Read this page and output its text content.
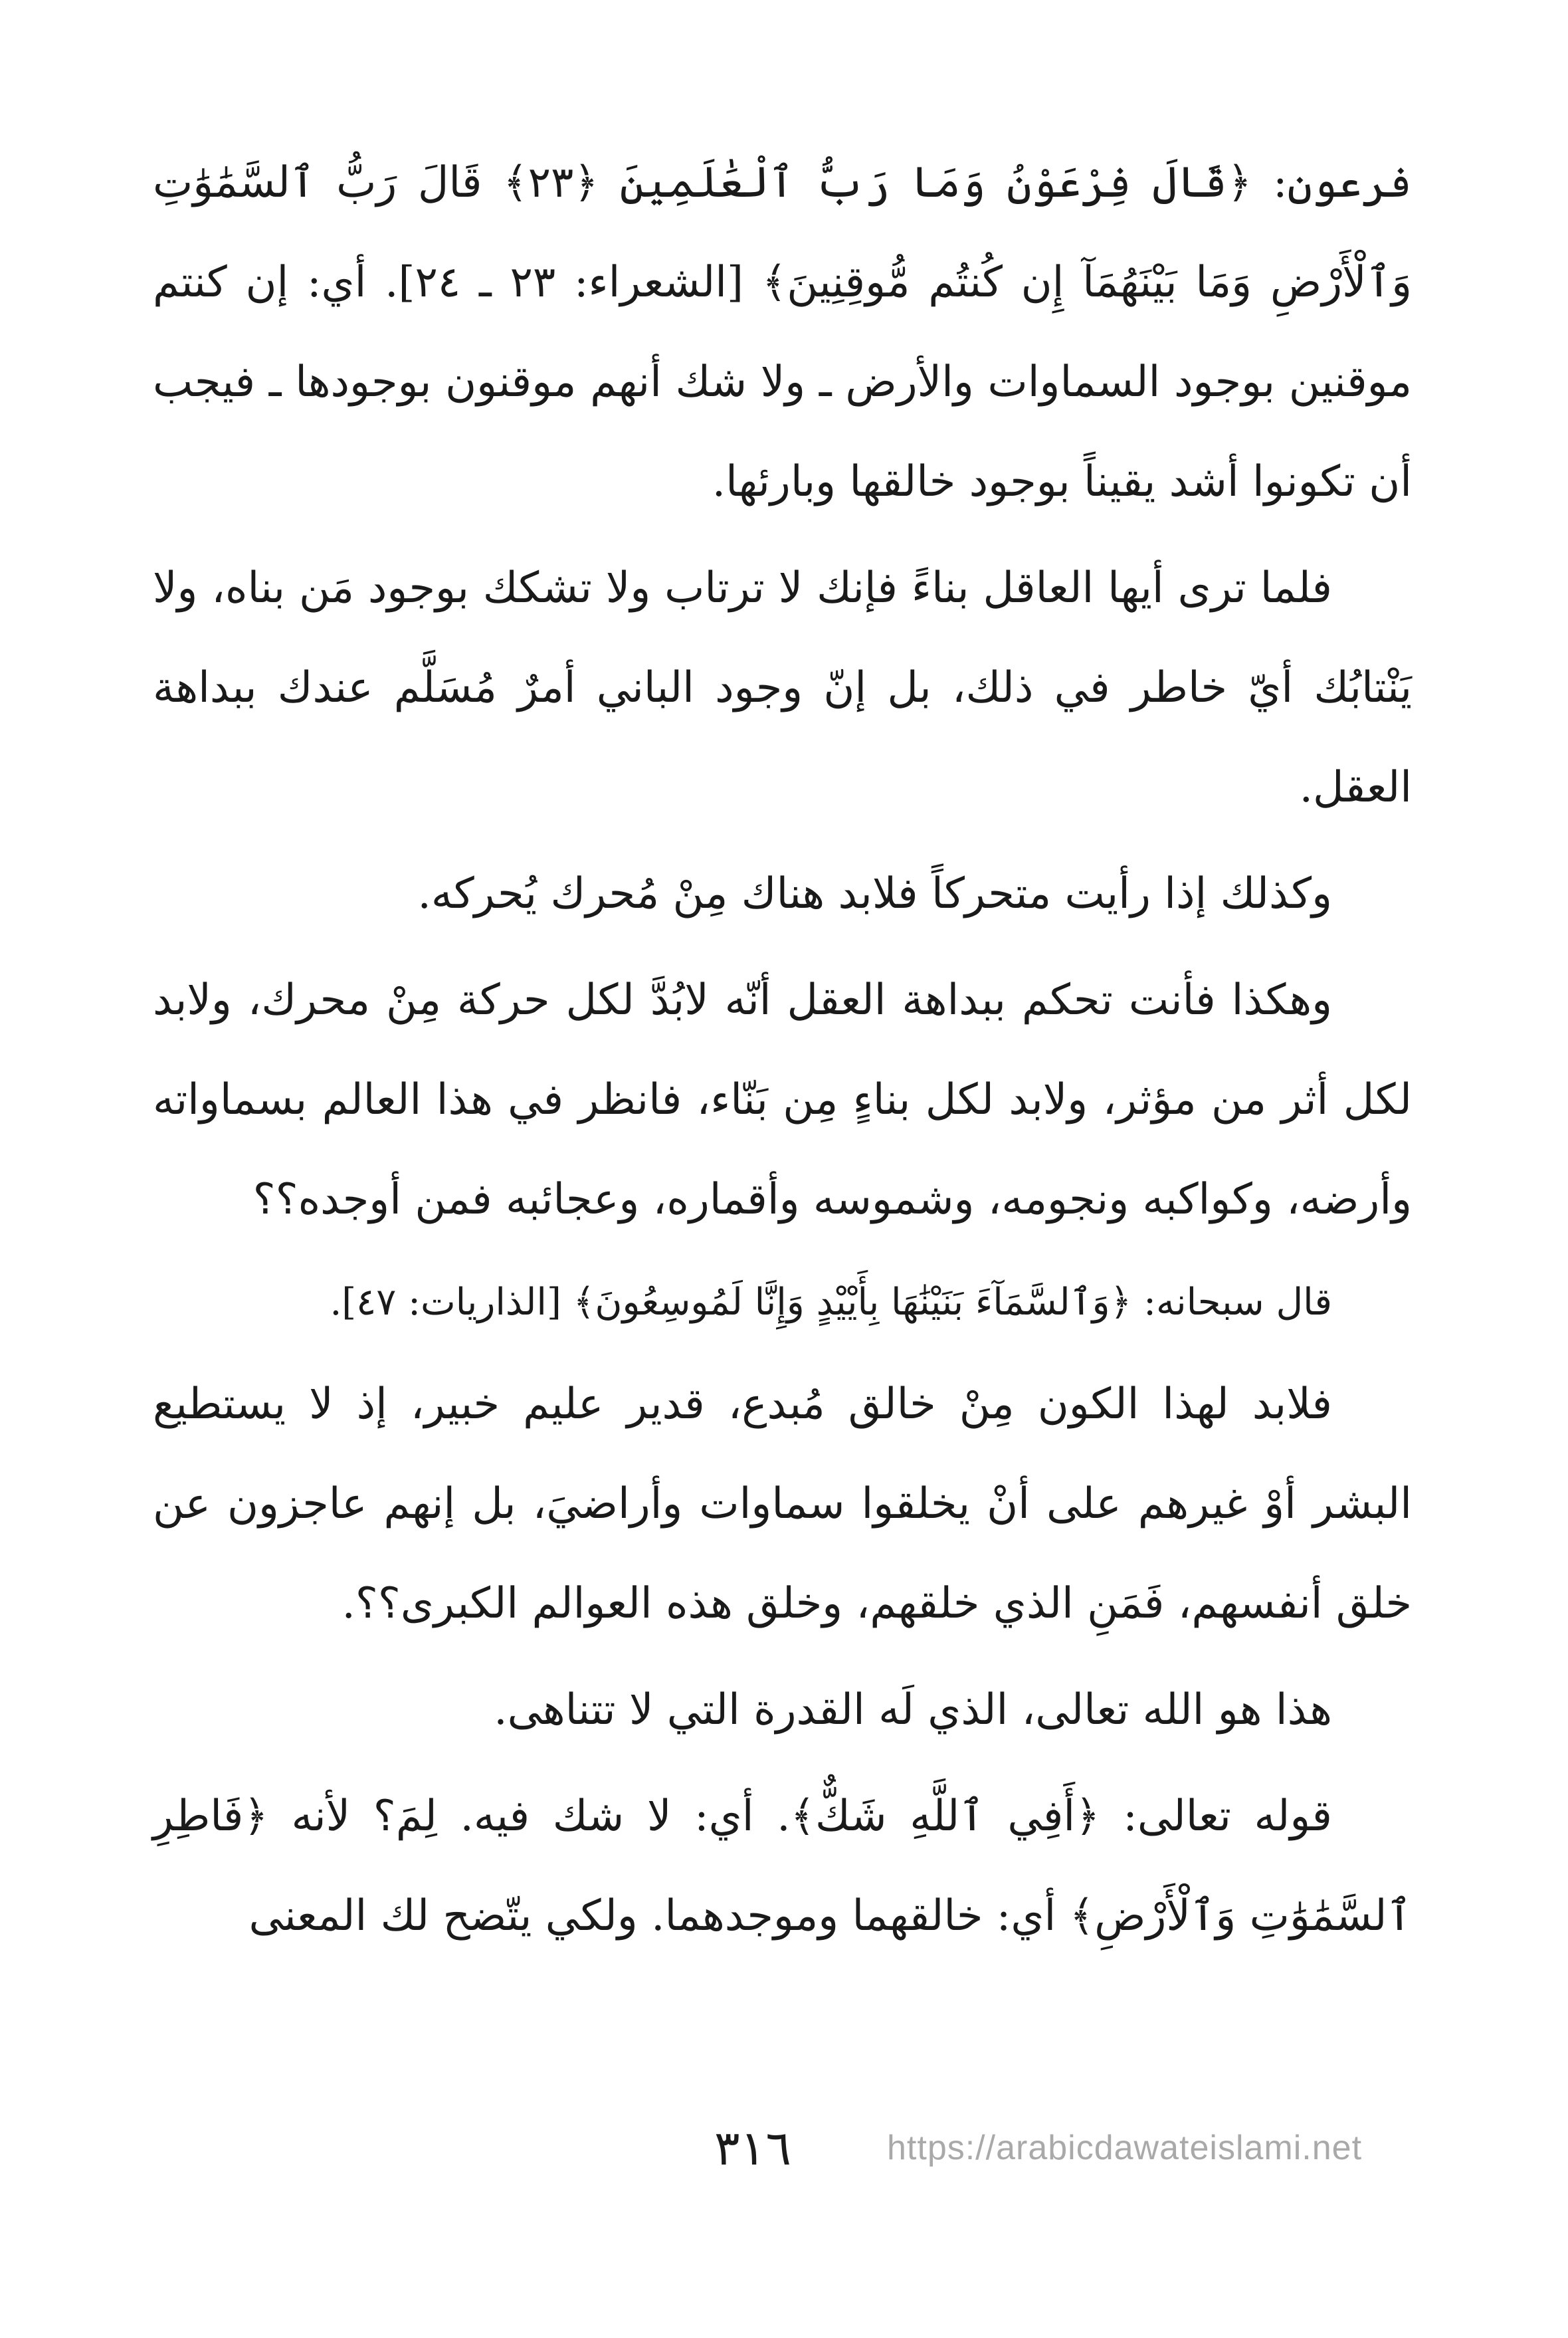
فرعون: ﴿قَالَ فِرْعَوْنُ وَمَا رَبُّ ٱلْعَٰلَمِينَ ﴿٢٣﴾ قَالَ رَبُّ ٱلسَّمَٰوَٰتِ وَٱلْأَرْضِ وَمَا بَيْنَهُمَآ إِن كُنتُم مُّوقِنِينَ﴾ [الشعراء: ٢٣ ـ ٢٤]. أي: إن كنتم موقنين بوجود السماوات والأرض ـ ولا شك أنهم موقنون بوجودها ـ فيجب أن تكونوا أشد يقيناً بوجود خالقها وبارئها.

فلما ترى أيها العاقل بناءً فإنك لا ترتاب ولا تشكك بوجود مَن بناه، ولا يَنْتابُك أيّ خاطر في ذلك، بل إنّ وجود الباني أمرٌ مُسَلَّم عندك ببداهة العقل.

وكذلك إذا رأيت متحركاً فلابد هناك مِنْ مُحرك يُحركه.

وهكذا فأنت تحكم ببداهة العقل أنّه لابُدَّ لكل حركة مِنْ محرك، ولابد لكل أثر من مؤثر، ولابد لكل بناءٍ مِن بَنّاء، فانظر في هذا العالم بسماواته وأرضه، وكواكبه ونجومه، وشموسه وأقماره، وعجائبه فمن أوجده؟؟

قال سبحانه: ﴿وَٱلسَّمَآءَ بَنَيْنَٰهَا بِأَيْيْدٍ وَإِنَّا لَمُوسِعُونَ﴾ [الذاريات: ٤٧].

فلابد لهذا الكون مِنْ خالق مُبدع، قدير عليم خبير، إذ لا يستطيع البشر أوْ غيرهم على أنْ يخلقوا سماوات وأراضيَ، بل إنهم عاجزون عن خلق أنفسهم، فَمَنِ الذي خلقهم، وخلق هذه العوالم الكبرى؟؟.

هذا هو الله تعالى، الذي لَه القدرة التي لا تتناهى.

قوله تعالى: ﴿أَفِي ٱللَّهِ شَكٌّ﴾. أي: لا شك فيه. لِمَ؟ لأنه ﴿فَاطِرِ ٱلسَّمَٰوَٰتِ وَٱلْأَرْضِ﴾ أي: خالقهما وموجدهما. ولكي يتّضح لك المعنى

٣١٦	https://arabicdawateislami.net
